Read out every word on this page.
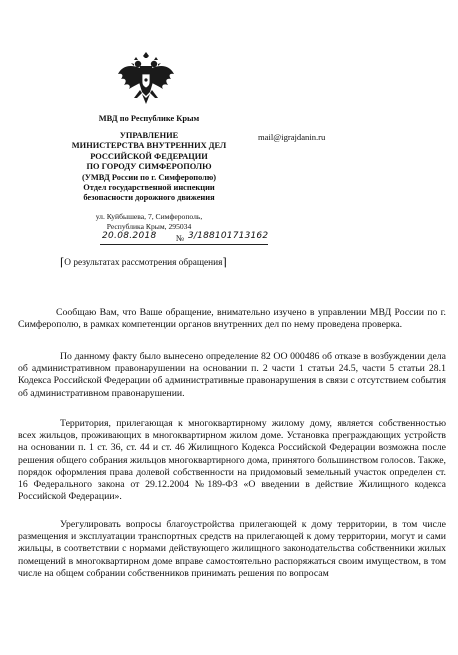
МВД по Республике Крым
УПРАВЛЕНИЕ
МИНИСТЕРСТВА ВНУТРЕННИХ ДЕЛ
РОССИЙСКОЙ ФЕДЕРАЦИИ
ПО ГОРОДУ СИМФЕРОПОЛЮ
(УМВД России по г. Симферополю)
Отдел государственной инспекции
безопасности дорожного движения
ул. Куйбышева, 7, Симферополь,
Республика Крым, 295034
mail@igrajdanin.ru
20.08.2018 № 3/188101713162
⌈О результатах рассмотрения обращения⌉

Сообщаю Вам, что Ваше обращение, внимательно изучено в управлении МВД России по г. Симферополю, в рамках компетенции органов внутренних дел по нему проведена проверка.

По данному факту было вынесено определение 82 ОО 000486 об отказе в возбуждении дела об административном правонарушении на основании п. 2 части 1 статьи 24.5, части 5 статьи 28.1 Кодекса Российской Федерации об административные правонарушения в связи с отсутствием события об административном правонарушении.

Территория, прилегающая к многоквартирному жилому дому, является собственностью всех жильцов, проживающих в многоквартирном жилом доме. Установка преграждающих устройств на основании п. 1 ст. 36, ст. 44 и ст. 46 Жилищного Кодекса Российской Федерации возможна после решения общего собрания жильцов многоквартирного дома, принятого большинством голосов. Также, порядок оформления права долевой собственности на придомовый земельный участок определен ст. 16 Федерального закона от 29.12.2004 №189-ФЗ «О введении в действие Жилищного кодекса Российской Федерации».

Урегулировать вопросы благоустройства прилегающей к дому территории, в том числе размещения и эксплуатации транспортных средств на прилегающей к дому территории, могут и сами жильцы, в соответствии с нормами действующего жилищного законодательства собственники жилых помещений в многоквартирном доме вправе самостоятельно распоряжаться своим имуществом, в том числе на общем собрании собственников принимать решения по вопросам
